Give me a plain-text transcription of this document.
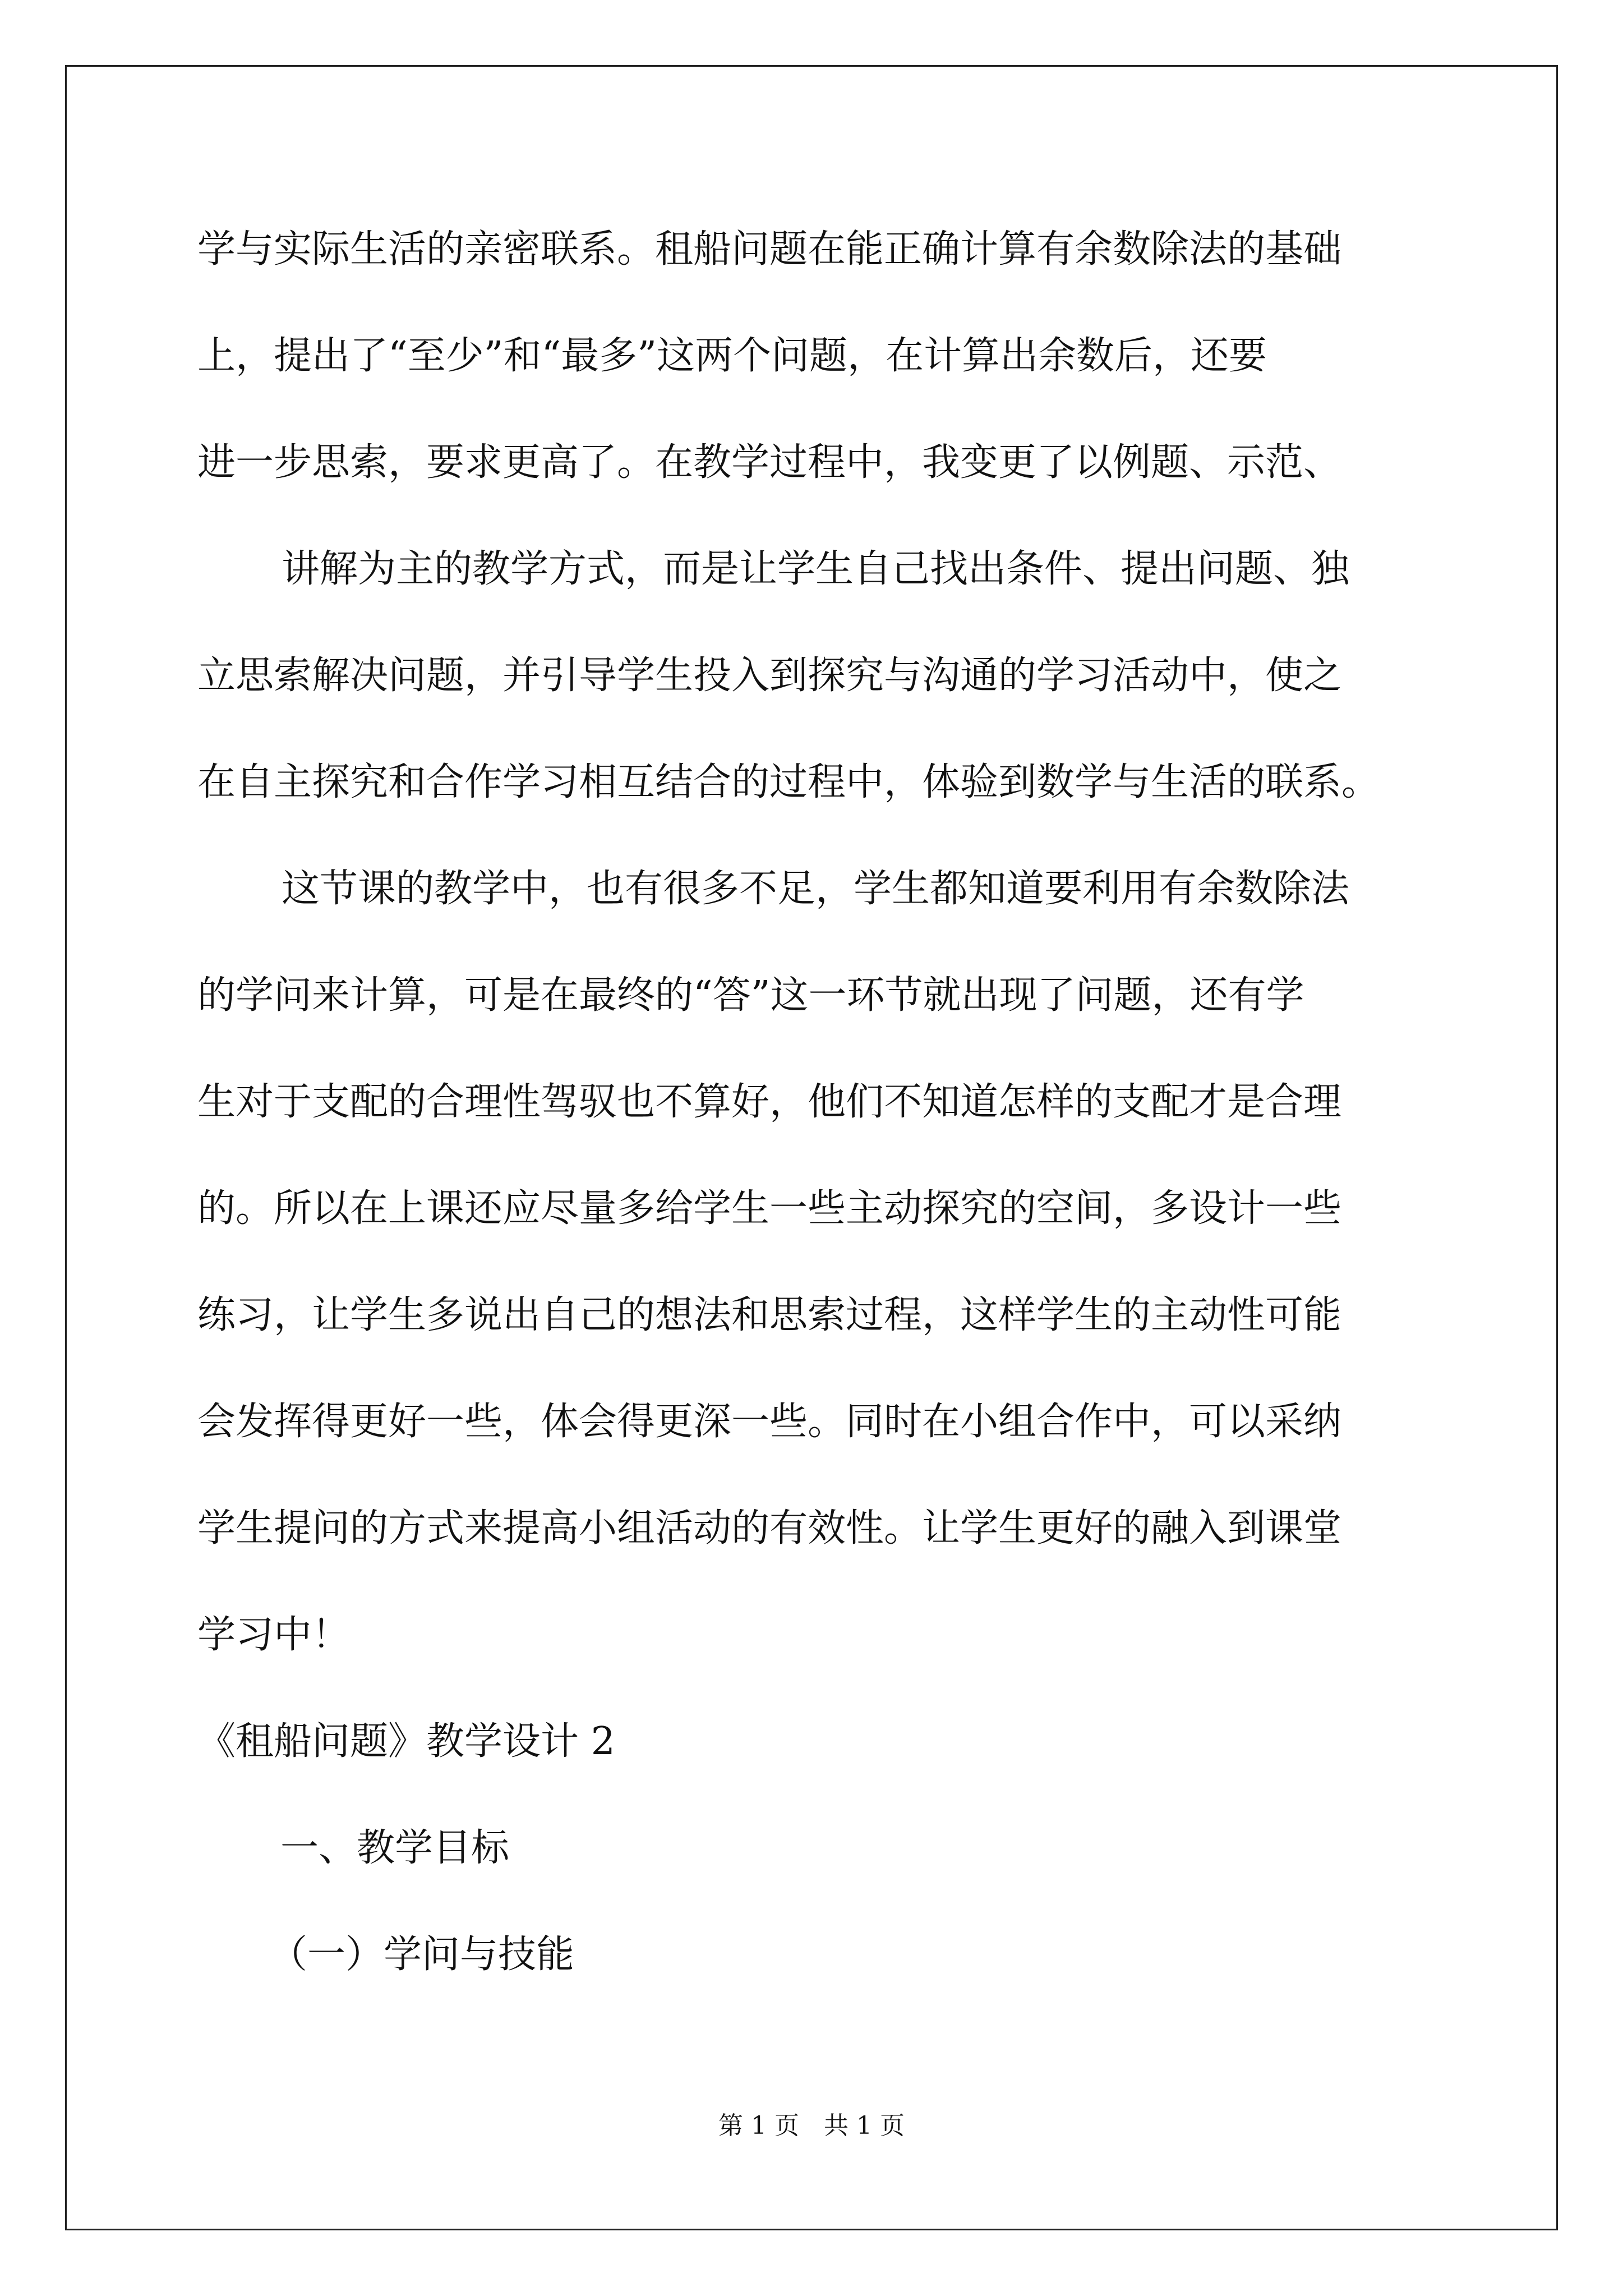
学与实际生活的亲密联系。租船问题在能正确计算有余数除法的基础
上，提出了“至少”和“最多”这两个问题，在计算出余数后，还要
进一步思索，要求更高了。在教学过程中，我变更了以例题、示范、
讲解为主的教学方式，而是让学生自己找出条件、提出问题、独
立思索解决问题，并引导学生投入到探究与沟通的学习活动中，使之
在自主探究和合作学习相互结合的过程中，体验到数学与生活的联系。
这节课的教学中，也有很多不足，学生都知道要利用有余数除法
的学问来计算，可是在最终的“答”这一环节就出现了问题，还有学
生对于支配的合理性驾驭也不算好，他们不知道怎样的支配才是合理
的。所以在上课还应尽量多给学生一些主动探究的空间，多设计一些
练习，让学生多说出自己的想法和思索过程，这样学生的主动性可能
会发挥得更好一些，体会得更深一些。同时在小组合作中，可以采纳
学生提问的方式来提高小组活动的有效性。让学生更好的融入到课堂
学习中！
《租船问题》教学设计 2
一、教学目标
（一）学问与技能
第 1 页　共 1 页
